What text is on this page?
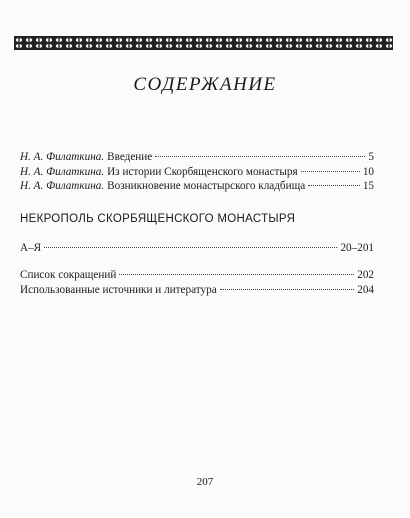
СОДЕРЖАНИЕ
Н. А. Филаткина. Введение	5
Н. А. Филаткина. Из истории Скорбященского монастыря	10
Н. А. Филаткина. Возникновение монастырского кладбища	15
НЕКРОПОЛЬ СКОРБЯЩЕНСКОГО МОНАСТЫРЯ
А–Я	20–201
Список сокращений	202
Использованные источники и литература	204
207
